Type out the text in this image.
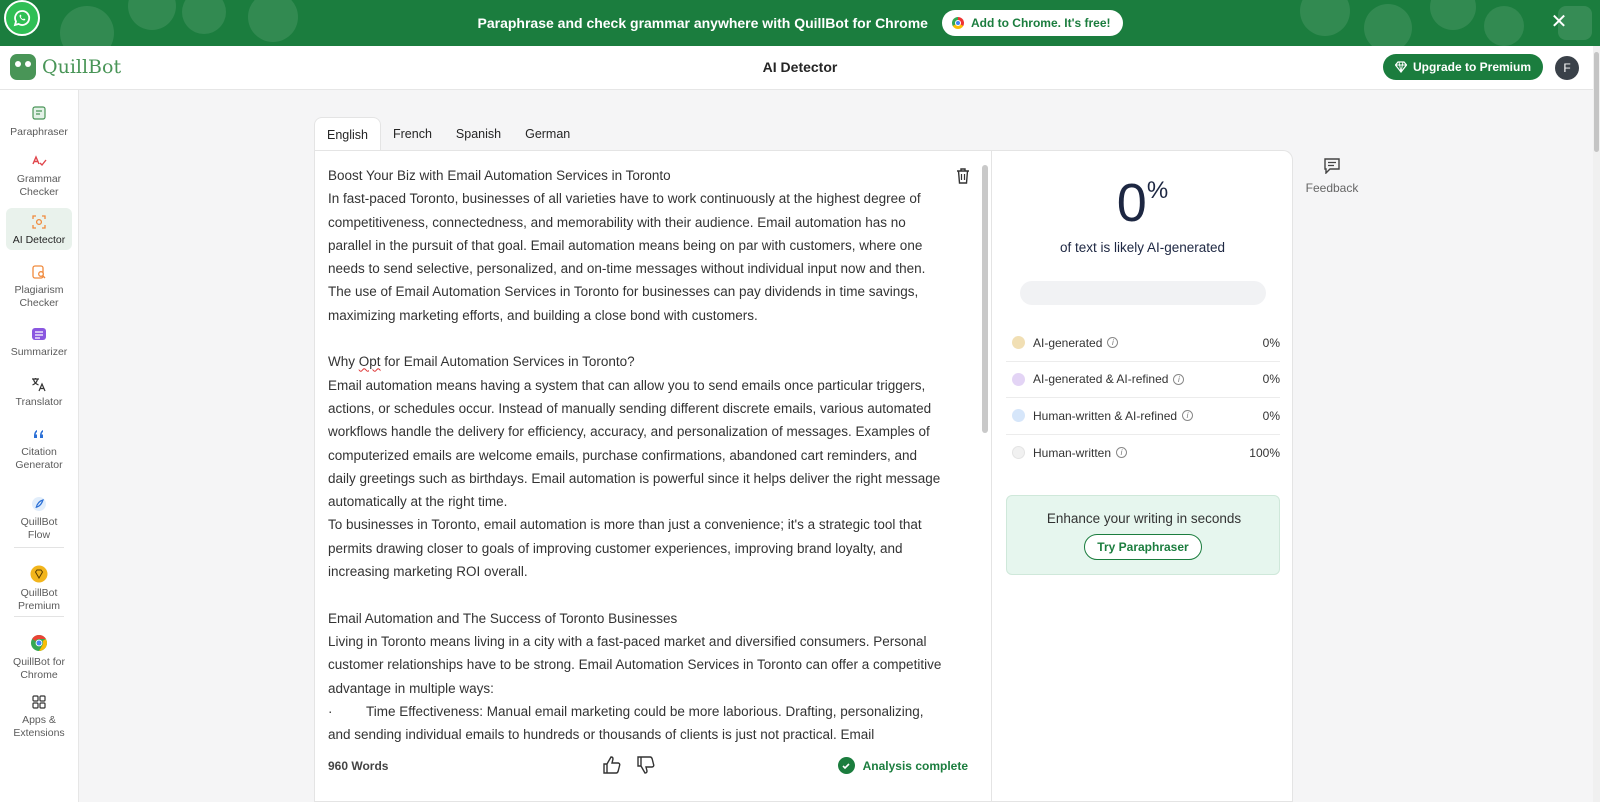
Paraphrase and check grammar anywhere with QuillBot for Chrome	Add to Chrome. It's free!	✕
QuillBot	AI Detector	Upgrade to Premium	F
Paraphraser
Grammar Checker
AI Detector
Plagiarism Checker
Summarizer
Translator
Citation Generator
QuillBot Flow
QuillBot Premium
QuillBot for Chrome
Apps & Extensions
English	French	Spanish	German

Boost Your Biz with Email Automation Services in Toronto

In fast-paced Toronto, businesses of all varieties have to work continuously at the highest degree of competitiveness, connectedness, and memorability with their audience. Email automation has no parallel in the pursuit of that goal. Email automation means being on par with customers, where one needs to send selective, personalized, and on-time messages without individual input now and then. The use of Email Automation Services in Toronto for businesses can pay dividends in time savings, maximizing marketing efforts, and building a close bond with customers.

Why Opt for Email Automation Services in Toronto?

Email automation means having a system that can allow you to send emails once particular triggers, actions, or schedules occur. Instead of manually sending different discrete emails, various automated workflows handle the delivery for efficiency, accuracy, and personalization of messages. Examples of computerized emails are welcome emails, purchase confirmations, abandoned cart reminders, and daily greetings such as birthdays. Email automation is powerful since it helps deliver the right message automatically at the right time.

To businesses in Toronto, email automation is more than just a convenience; it's a strategic tool that permits drawing closer to goals of improving customer experiences, improving brand loyalty, and increasing marketing ROI overall.

Email Automation and The Success of Toronto Businesses

Living in Toronto means living in a city with a fast-paced market and diversified consumers. Personal customer relationships have to be strong. Email Automation Services in Toronto can offer a competitive advantage in multiple ways:

·         Time Effectiveness: Manual email marketing could be more laborious. Drafting, personalizing, and sending individual emails to hundreds or thousands of clients is just not practical. Email

960 Words	Analysis complete
0%
of text is likely AI-generated
AI-generated	i	0%
AI-generated & AI-refined	i	0%
Human-written & AI-refined	i	0%
Human-written	i	100%
Enhance your writing in seconds
Try Paraphraser
Feedback
